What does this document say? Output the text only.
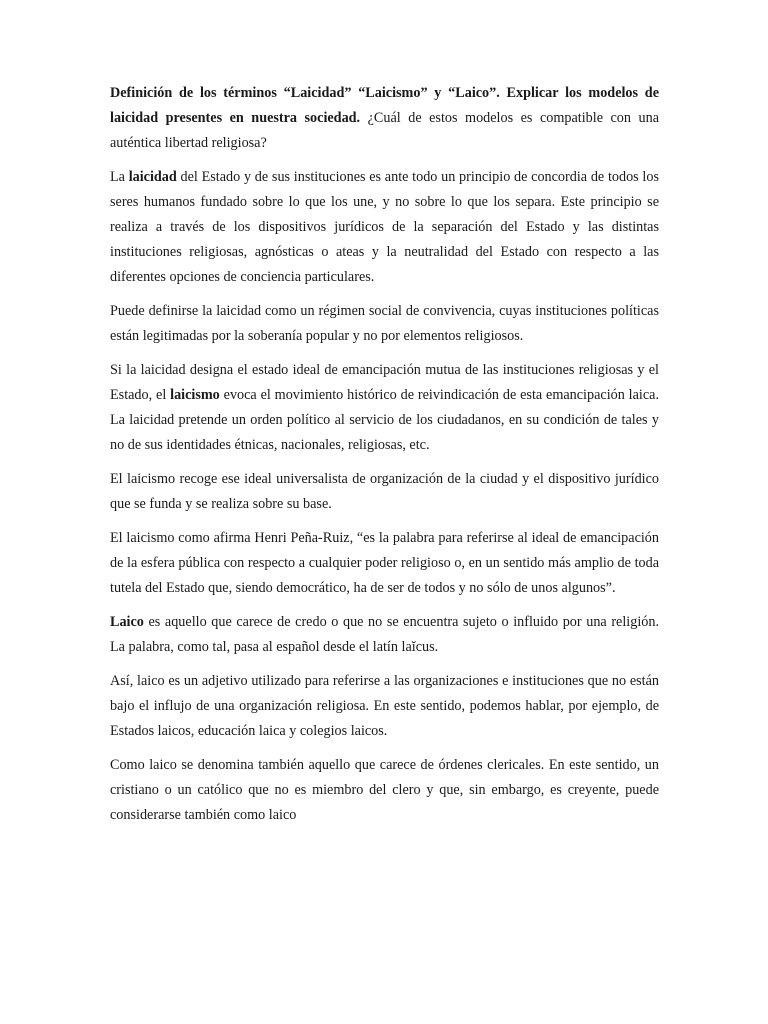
Definición de los términos “Laicidad” “Laicismo” y “Laico”. Explicar los modelos de laicidad presentes en nuestra sociedad. ¿Cuál de estos modelos es compatible con una auténtica libertad religiosa?

La laicidad del Estado y de sus instituciones es ante todo un principio de concordia de todos los seres humanos fundado sobre lo que los une, y no sobre lo que los separa. Este principio se realiza a través de los dispositivos jurídicos de la separación del Estado y las distintas instituciones religiosas, agnósticas o ateas y la neutralidad del Estado con respecto a las diferentes opciones de conciencia particulares.

Puede definirse la laicidad como un régimen social de convivencia, cuyas instituciones políticas están legitimadas por la soberanía popular y no por elementos religiosos.

Si la laicidad designa el estado ideal de emancipación mutua de las instituciones religiosas y el Estado, el laicismo evoca el movimiento histórico de reivindicación de esta emancipación laica. La laicidad pretende un orden político al servicio de los ciudadanos, en su condición de tales y no de sus identidades étnicas, nacionales, religiosas, etc.

El laicismo recoge ese ideal universalista de organización de la ciudad y el dispositivo jurídico que se funda y se realiza sobre su base.

El laicismo como afirma Henri Peña-Ruiz, “es la palabra para referirse al ideal de emancipación de la esfera pública con respecto a cualquier poder religioso o, en un sentido más amplio de toda tutela del Estado que, siendo democrático, ha de ser de todos y no sólo de unos algunos”.

Laico es aquello que carece de credo o que no se encuentra sujeto o influido por una religión. La palabra, como tal, pasa al español desde el latín laĭcus.

Así, laico es un adjetivo utilizado para referirse a las organizaciones e instituciones que no están bajo el influjo de una organización religiosa. En este sentido, podemos hablar, por ejemplo, de Estados laicos, educación laica y colegios laicos.

Como laico se denomina también aquello que carece de órdenes clericales. En este sentido, un cristiano o un católico que no es miembro del clero y que, sin embargo, es creyente, puede considerarse también como laico
